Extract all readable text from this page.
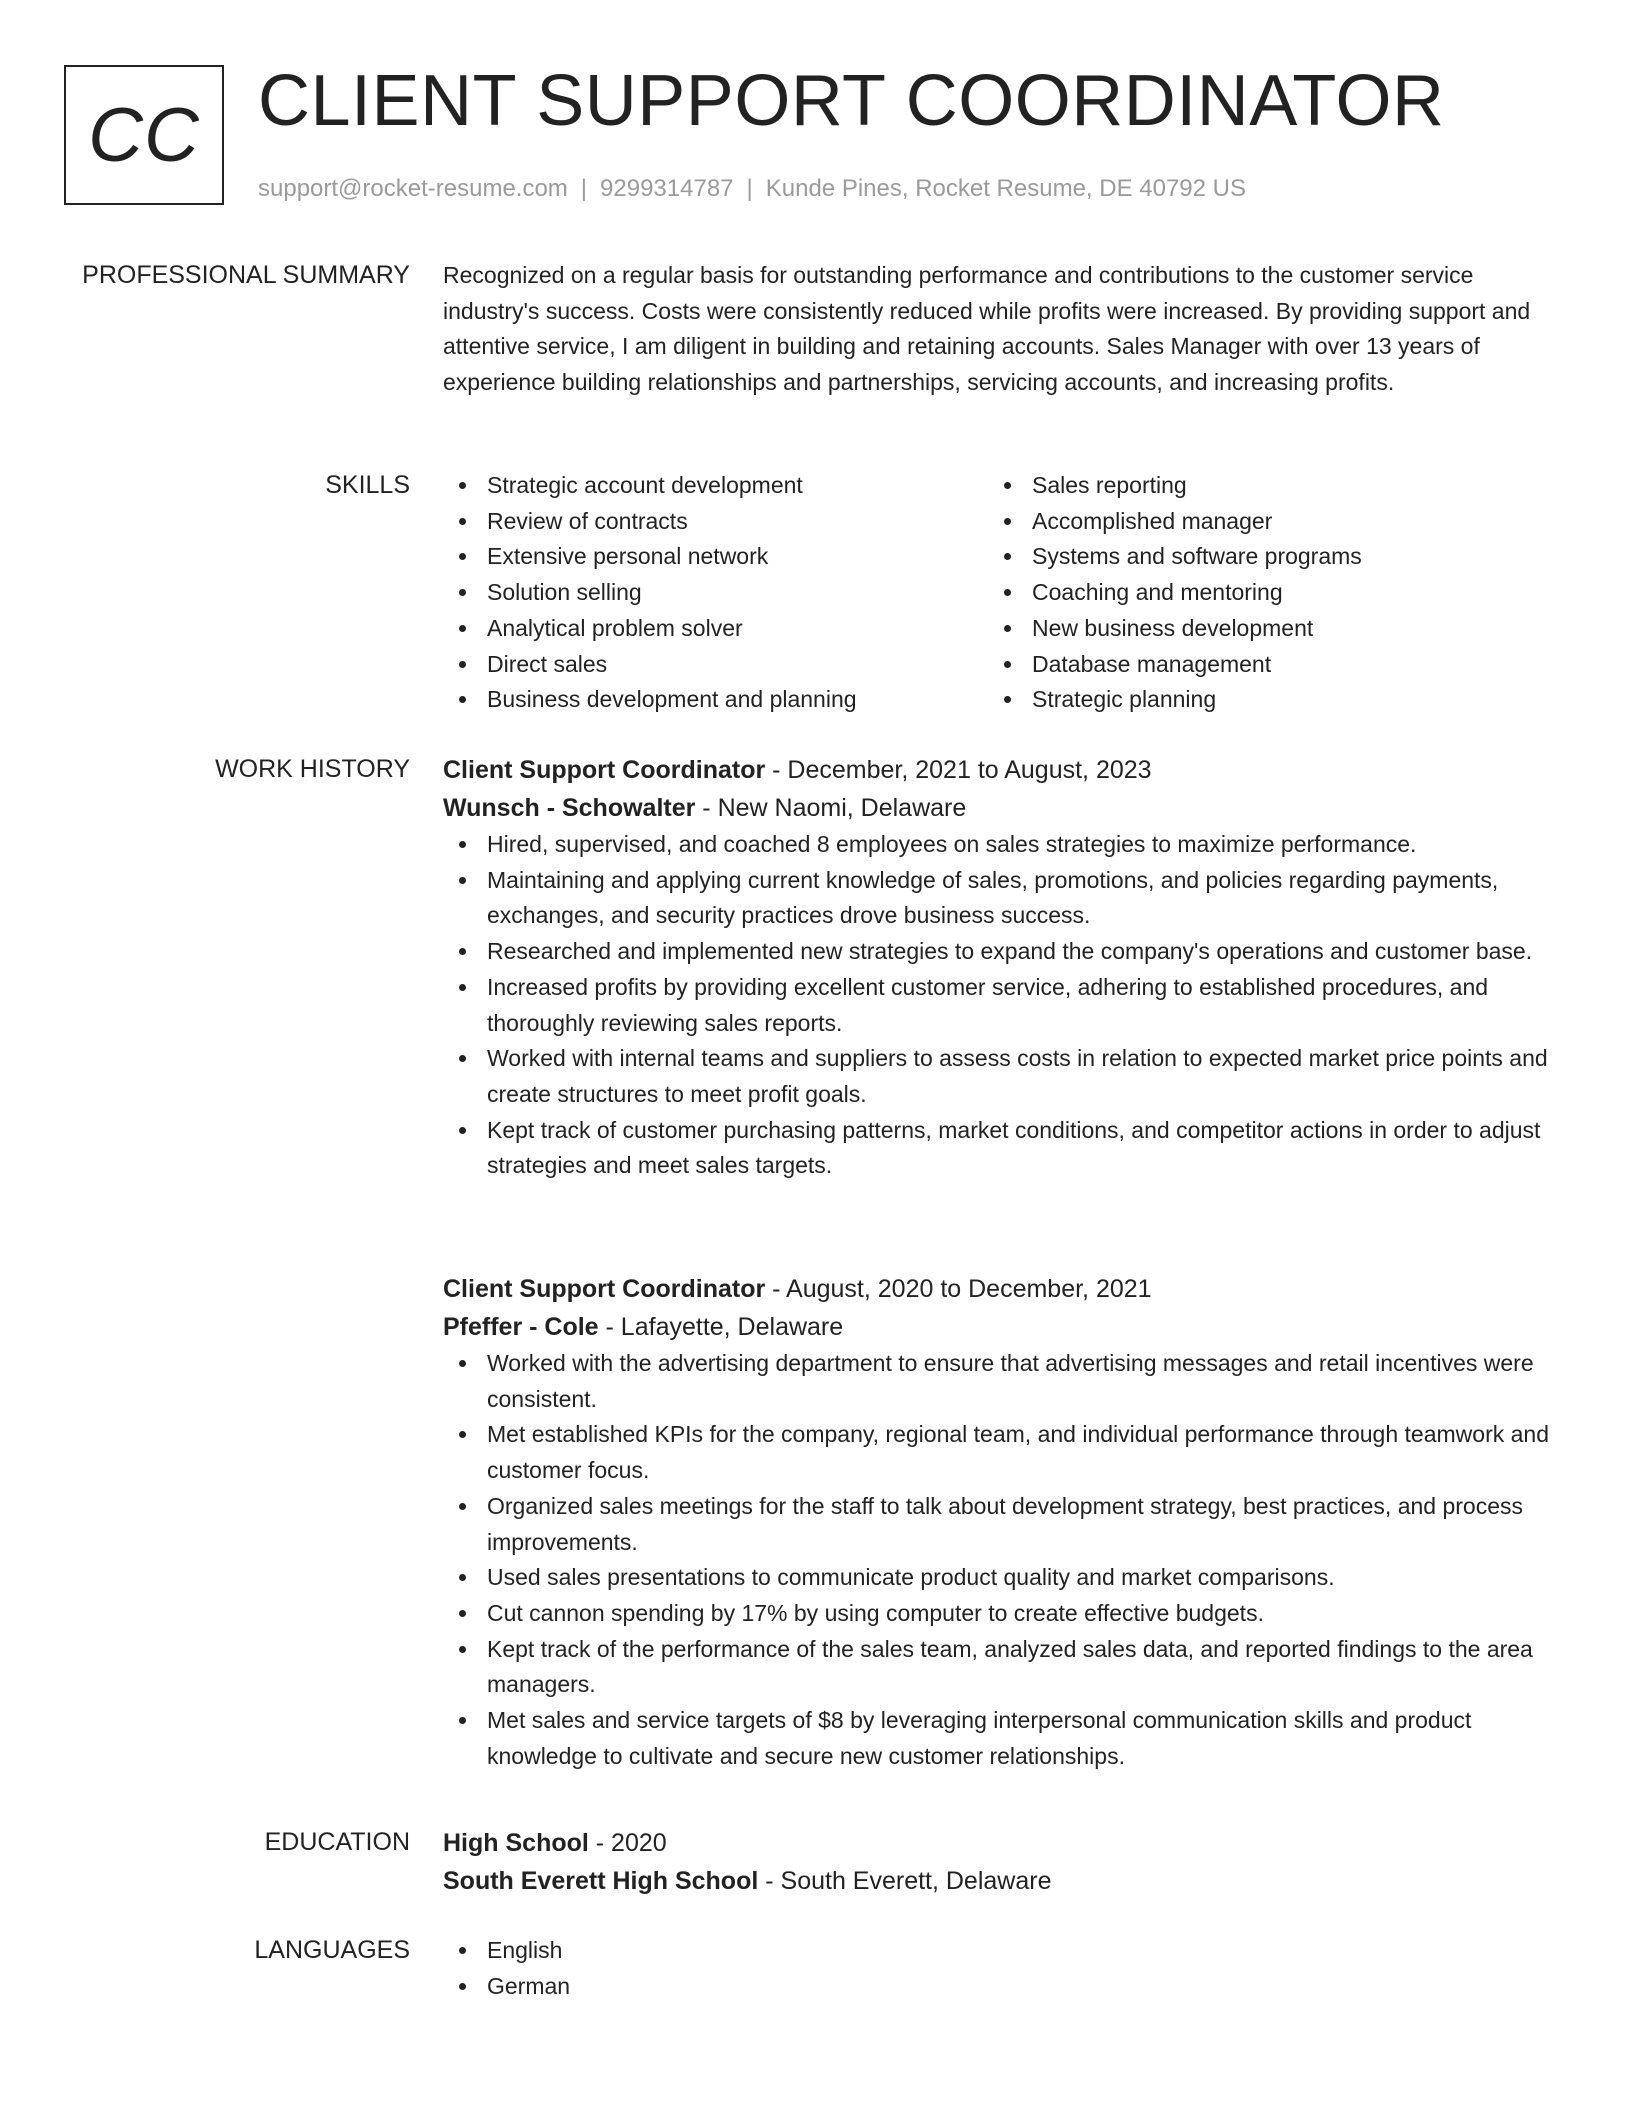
CC CLIENT SUPPORT COORDINATOR
support@rocket-resume.com | 9299314787 | Kunde Pines, Rocket Resume, DE 40792 US
PROFESSIONAL SUMMARY Recognized on a regular basis for outstanding performance and contributions to the customer service industry's success. Costs were consistently reduced while profits were increased. By providing support and attentive service, I am diligent in building and retaining accounts. Sales Manager with over 13 years of experience building relationships and partnerships, servicing accounts, and increasing profits.
SKILLS	Strategic account development
Review of contracts
Extensive personal network
Solution selling
Analytical problem solver
Direct sales
Business development and planning
Sales reporting
Accomplished manager
Systems and software programs
Coaching and mentoring
New business development
Database management
Strategic planning
WORK HISTORY Client Support Coordinator - December, 2021 to August, 2023
Wunsch - Schowalter - New Naomi, Delaware
Hired, supervised, and coached 8 employees on sales strategies to maximize performance.
Maintaining and applying current knowledge of sales, promotions, and policies regarding payments, exchanges, and security practices drove business success.
Researched and implemented new strategies to expand the company's operations and customer base.
Increased profits by providing excellent customer service, adhering to established procedures, and thoroughly reviewing sales reports.
Worked with internal teams and suppliers to assess costs in relation to expected market price points and create structures to meet profit goals.
Kept track of customer purchasing patterns, market conditions, and competitor actions in order to adjust strategies and meet sales targets.
Client Support Coordinator - August, 2020 to December, 2021
Pfeffer - Cole - Lafayette, Delaware
Worked with the advertising department to ensure that advertising messages and retail incentives were consistent.
Met established KPIs for the company, regional team, and individual performance through teamwork and customer focus.
Organized sales meetings for the staff to talk about development strategy, best practices, and process improvements.
Used sales presentations to communicate product quality and market comparisons.
Cut cannon spending by 17% by using computer to create effective budgets.
Kept track of the performance of the sales team, analyzed sales data, and reported findings to the area managers.
Met sales and service targets of $8 by leveraging interpersonal communication skills and product knowledge to cultivate and secure new customer relationships.
EDUCATION High School - 2020
South Everett High School - South Everett, Delaware
LANGUAGES	English
German
